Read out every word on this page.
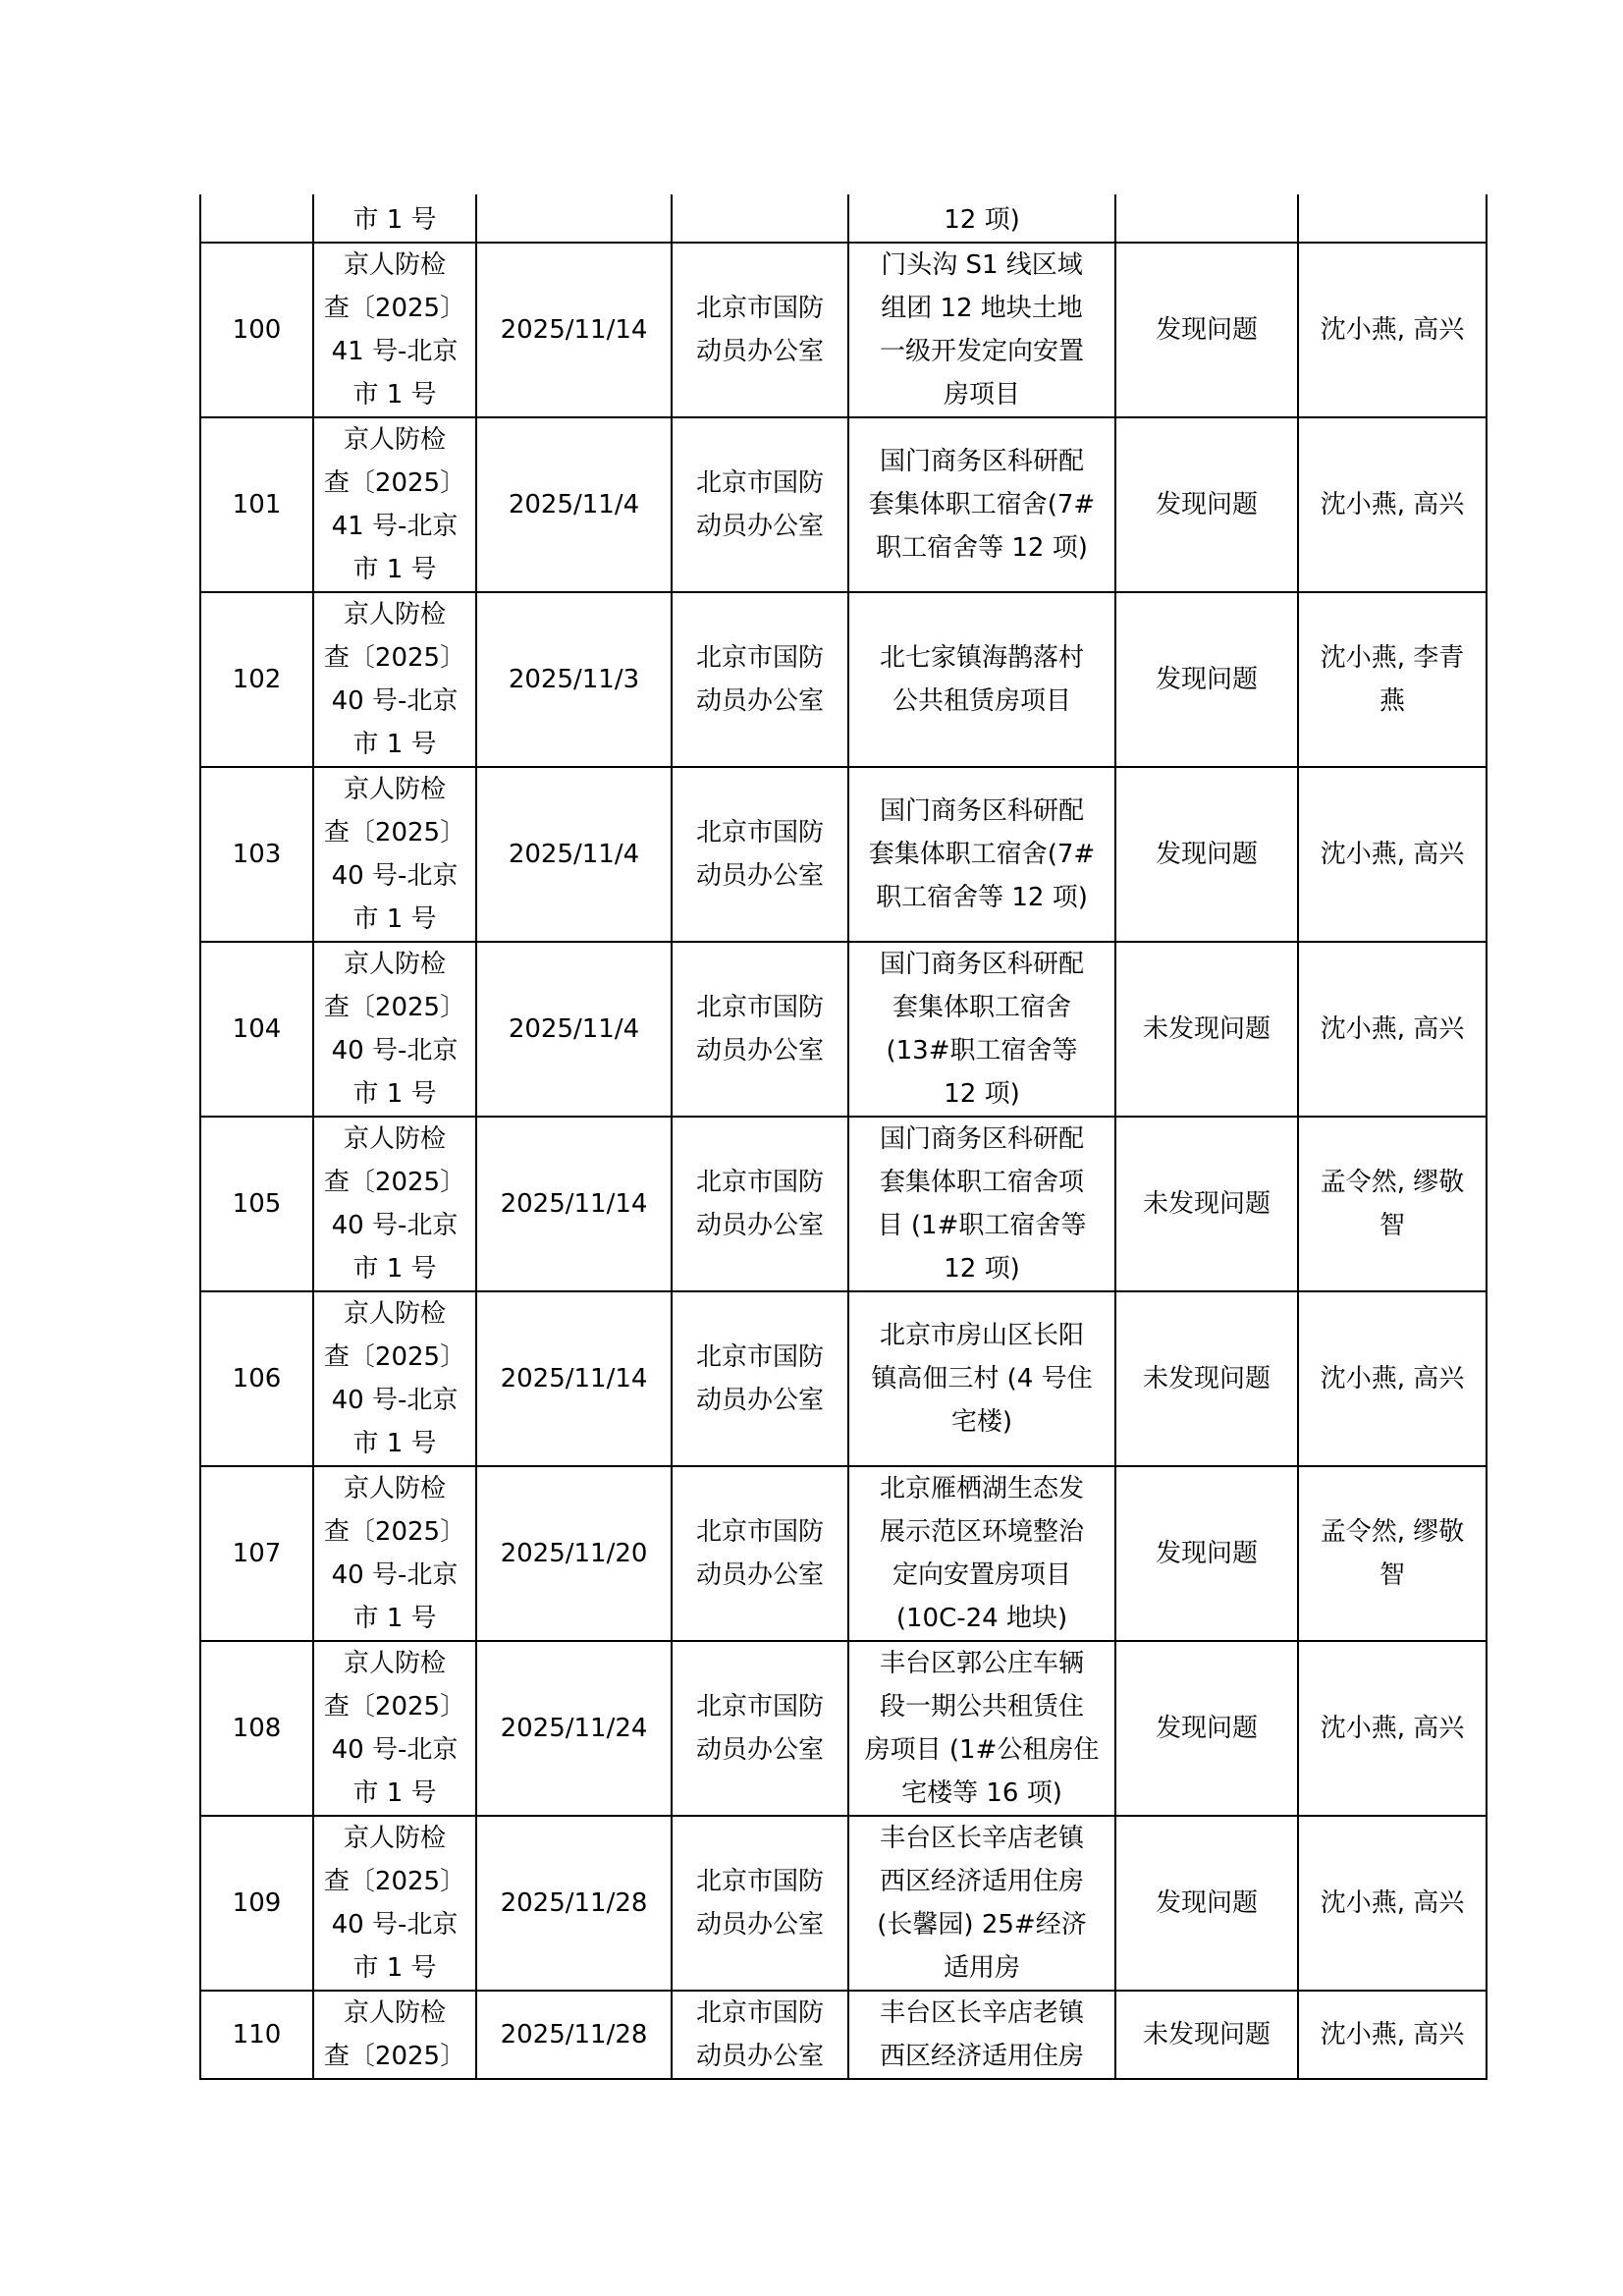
	市 1 号			12 项)		
100	京人防检
查〔2025〕
41 号-北京
市 1 号	2025/11/14	北京市国防
动员办公室	门头沟 S1 线区域
组团 12 地块土地
一级开发定向安置
房项目	发现问题	沈小燕, 高兴
101	京人防检
查〔2025〕
41 号-北京
市 1 号	2025/11/4	北京市国防
动员办公室	国门商务区科研配
套集体职工宿舍(7#
职工宿舍等 12 项)	发现问题	沈小燕, 高兴
102	京人防检
查〔2025〕
40 号-北京
市 1 号	2025/11/3	北京市国防
动员办公室	北七家镇海鹊落村
公共租赁房项目	发现问题	沈小燕, 李青
燕
103	京人防检
查〔2025〕
40 号-北京
市 1 号	2025/11/4	北京市国防
动员办公室	国门商务区科研配
套集体职工宿舍(7#
职工宿舍等 12 项)	发现问题	沈小燕, 高兴
104	京人防检
查〔2025〕
40 号-北京
市 1 号	2025/11/4	北京市国防
动员办公室	国门商务区科研配
套集体职工宿舍
(13#职工宿舍等
12 项)	未发现问题	沈小燕, 高兴
105	京人防检
查〔2025〕
40 号-北京
市 1 号	2025/11/14	北京市国防
动员办公室	国门商务区科研配
套集体职工宿舍项
目 (1#职工宿舍等
12 项)	未发现问题	孟令然, 缪敬
智
106	京人防检
查〔2025〕
40 号-北京
市 1 号	2025/11/14	北京市国防
动员办公室	北京市房山区长阳
镇高佃三村 (4 号住
宅楼)	未发现问题	沈小燕, 高兴
107	京人防检
查〔2025〕
40 号-北京
市 1 号	2025/11/20	北京市国防
动员办公室	北京雁栖湖生态发
展示范区环境整治
定向安置房项目
(10C-24 地块)	发现问题	孟令然, 缪敬
智
108	京人防检
查〔2025〕
40 号-北京
市 1 号	2025/11/24	北京市国防
动员办公室	丰台区郭公庄车辆
段一期公共租赁住
房项目 (1#公租房住
宅楼等 16 项)	发现问题	沈小燕, 高兴
109	京人防检
查〔2025〕
40 号-北京
市 1 号	2025/11/28	北京市国防
动员办公室	丰台区长辛店老镇
西区经济适用住房
(长馨园) 25#经济
适用房	发现问题	沈小燕, 高兴
110	京人防检
查〔2025〕	2025/11/28	北京市国防
动员办公室	丰台区长辛店老镇
西区经济适用住房	未发现问题	沈小燕, 高兴
